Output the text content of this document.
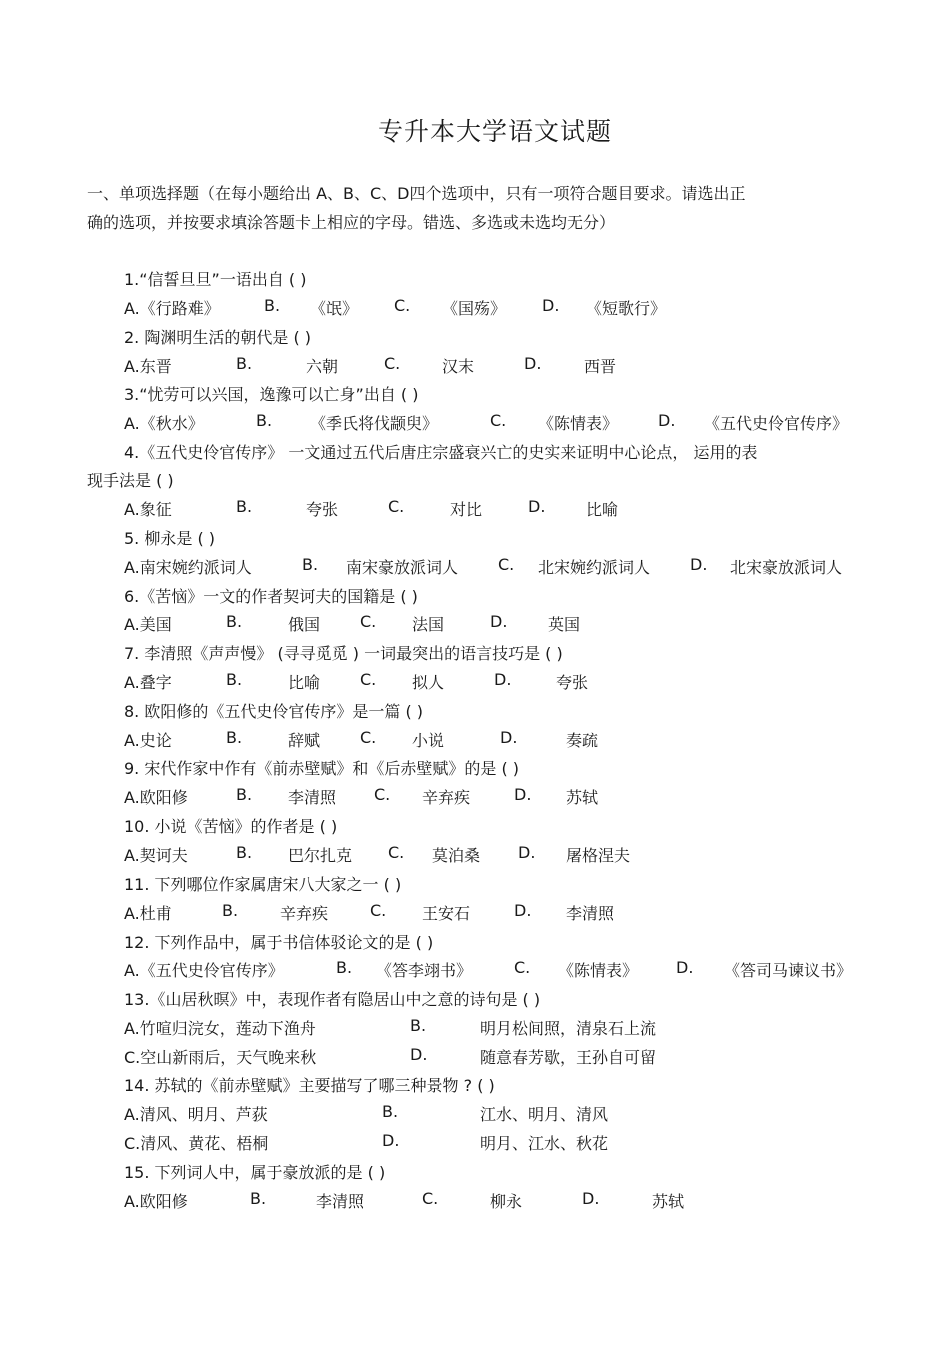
专升本大学语文试题
一、单项选择题（在每小题给出 A、B、C、D四个选项中，只有一项符合题目要求。请选出正
确的选项，并按要求填涂答题卡上相应的字母。错选、多选或未选均无分）
1.“信誓旦旦”一语出自 ( )
A.《行路难》	B. 《氓》 C. 《国殇》 D. 《短歌行》
2. 陶渊明生活的朝代是 ( )
A.东晋	B.	六朝	C.	汉末	D.	西晋
3.“忧劳可以兴国，逸豫可以亡身”出自 ( )
A.《秋水》	B. 《季氏将伐颛臾》	C. 《陈情表》 D. 《五代史伶官传序》
4.《五代史伶官传序》 一文通过五代后唐庄宗盛衰兴亡的史实来证明中心论点， 运用的表
现手法是 ( )
A.象征	B.	夸张	C.	对比	D.	比喻
5. 柳永是 ( )
A.南宋婉约派词人	B. 南宋豪放派词人 C. 北宋婉约派词人 D. 北宋豪放派词人
6.《苦恼》一文的作者契诃夫的国籍是 ( )
A.美国	B.	俄国 C. 法国	D.	英国
7. 李清照《声声慢》 (寻寻觅觅 ) 一词最突出的语言技巧是 ( )
A.叠字	B.	比喻 C. 拟人	D.	夸张
8. 欧阳修的《五代史伶官传序》是一篇 ( )
A.史论	B.	辞赋 C. 小说	D.	奏疏
9. 宋代作家中作有《前赤壁赋》和《后赤壁赋》的是 ( )
A.欧阳修	B. 李清照 C. 辛弃疾	D. 苏轼
10. 小说《苦恼》的作者是 ( )
A.契诃夫	B. 巴尔扎克 C. 莫泊桑 D. 屠格涅夫
11. 下列哪位作家属唐宋八大家之一 ( )
A.杜甫	B.	辛弃疾	C. 王安石	D. 李清照
12. 下列作品中，属于书信体驳论文的是 ( )
A.《五代史伶官传序》	B. 《答李翊书》	C. 《陈情表》 D. 《答司马谏议书》
13.《山居秋暝》中，表现作者有隐居山中之意的诗句是 ( )
A.竹喧归浣女，莲动下渔舟	B.	明月松间照，清泉石上流
C.空山新雨后，天气晚来秋	D.	随意春芳歇，王孙自可留
14. 苏轼的《前赤壁赋》主要描写了哪三种景物 ? ( )
A.清风、明月、芦荻	B.	江水、明月、清风
C.清风、黄花、梧桐	D.	明月、江水、秋花
15. 下列词人中，属于豪放派的是 ( )
A.欧阳修	B.	李清照	C.	柳永	D.	苏轼
